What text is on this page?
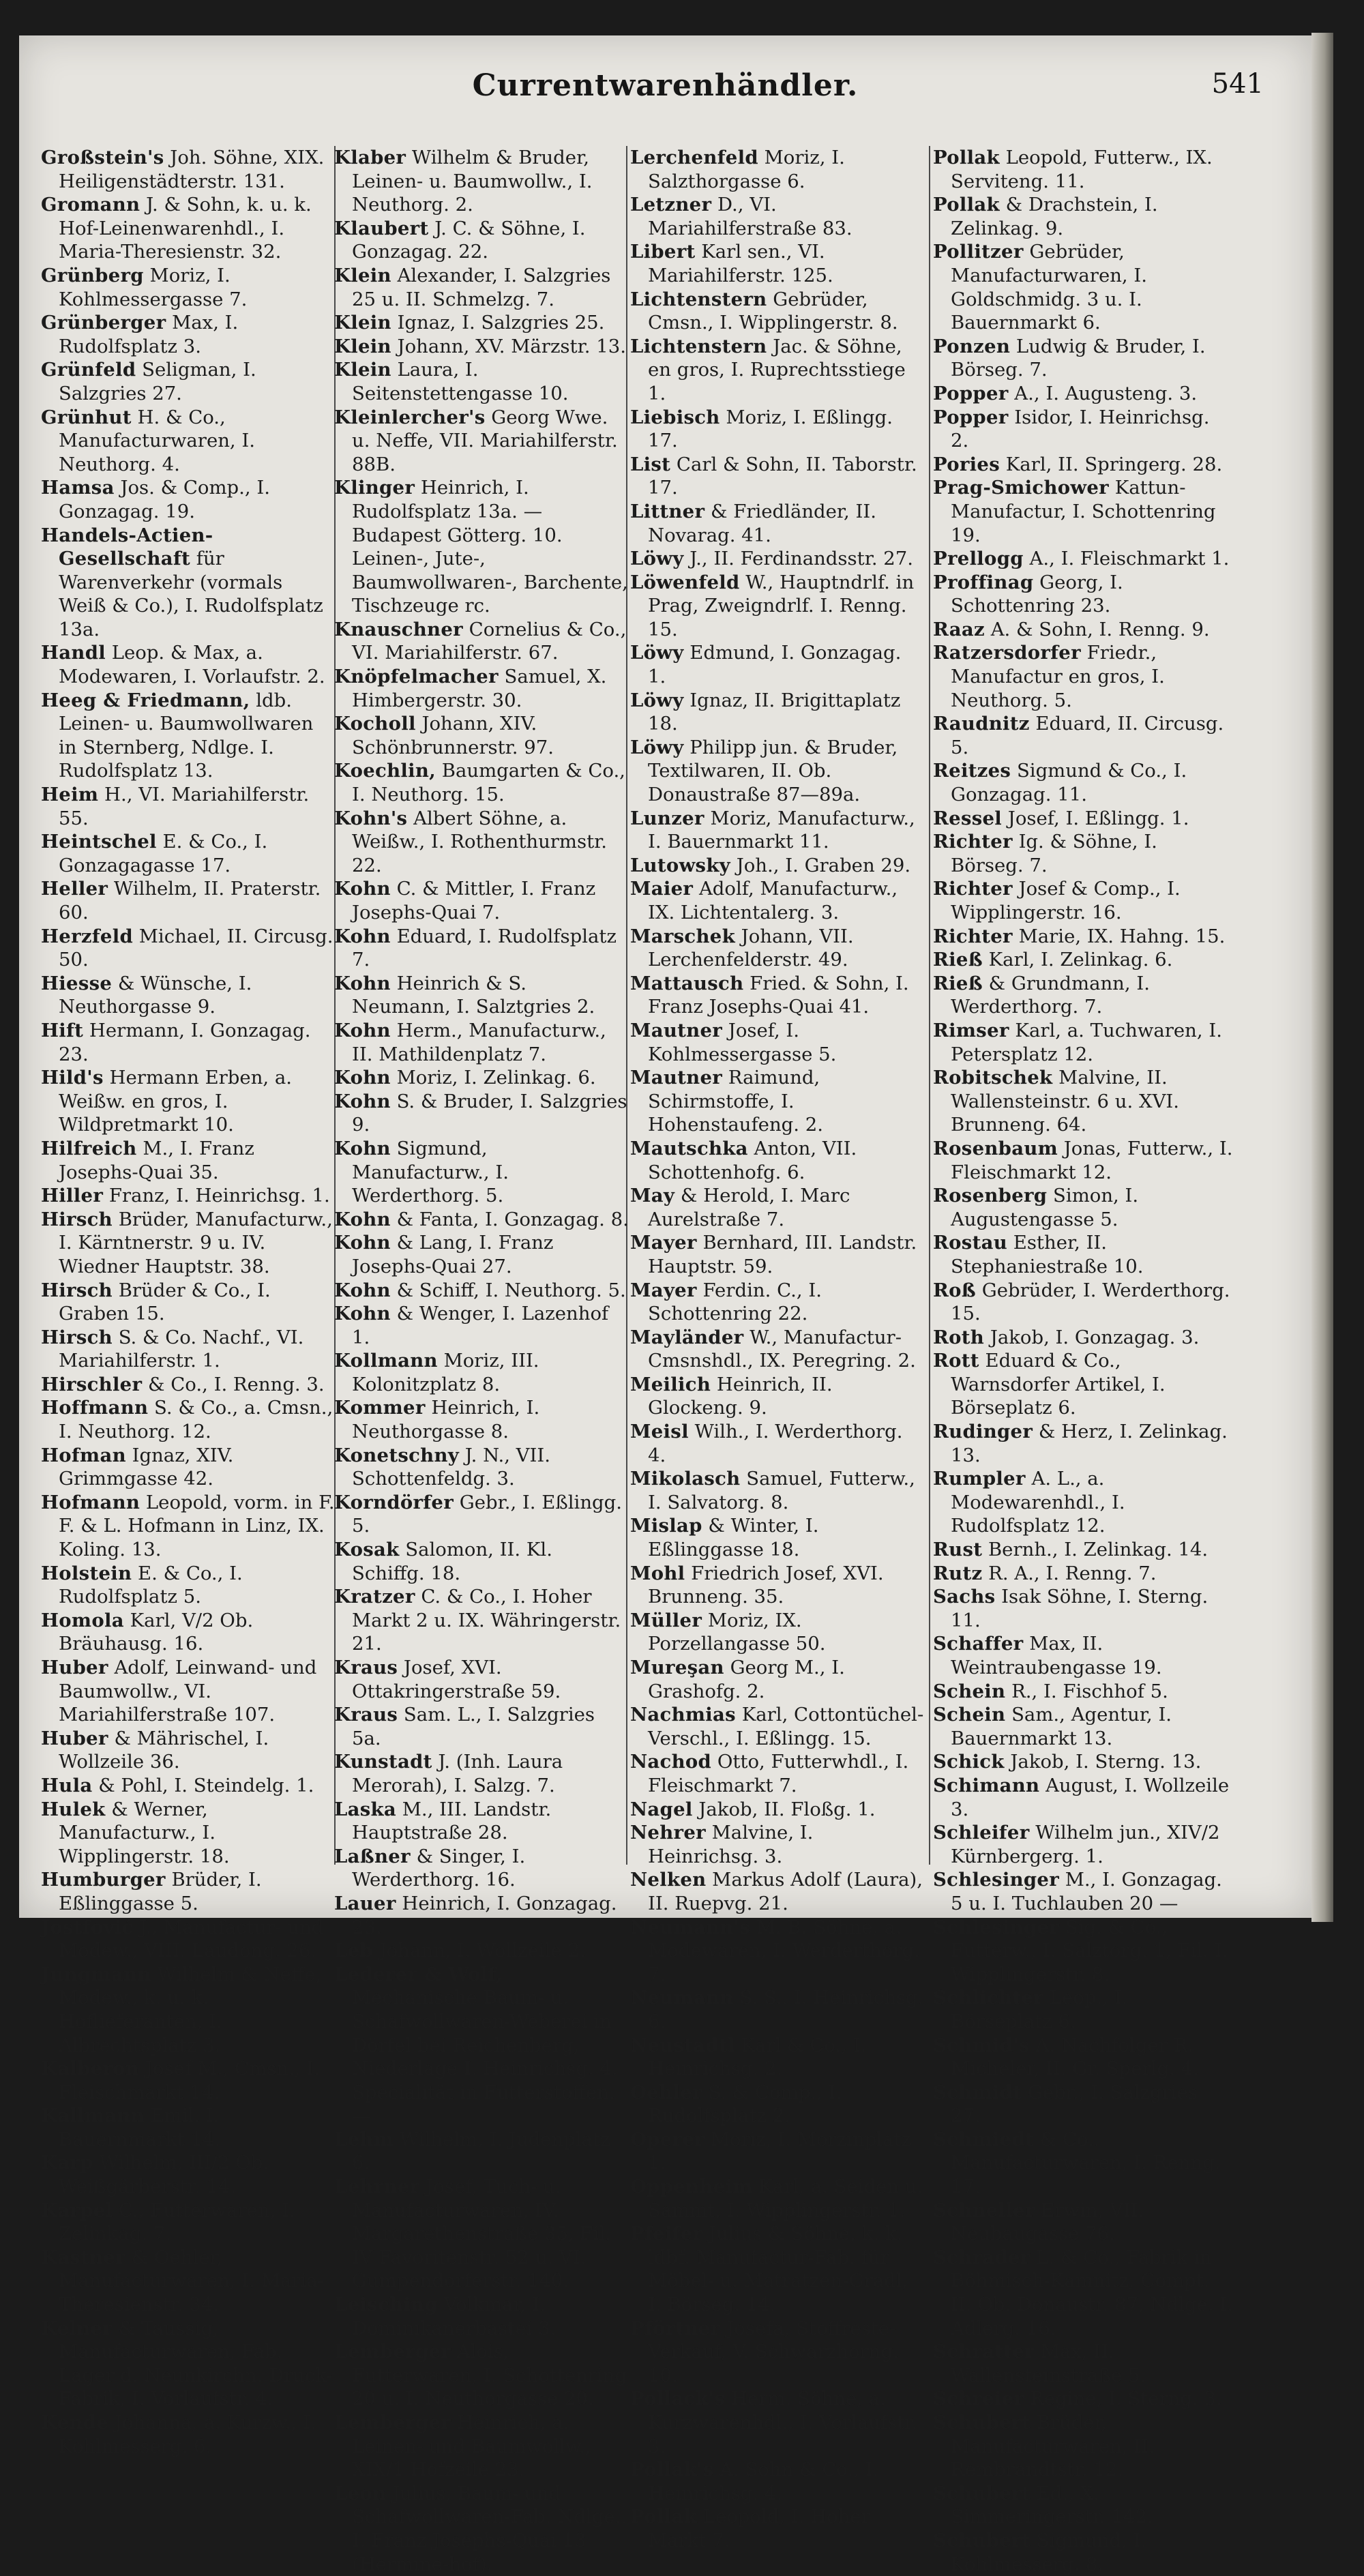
Currentwarenhändler.	541

Großstein's Joh. Söhne, XIX. Heiligenstädterstr. 131.

Gromann J. & Sohn, k. u. k. Hof-Leinenwarenhdl., I. Maria-Theresienstr. 32.

Grünberg Moriz, I. Kohlmessergasse 7.

Grünberger Max, I. Rudolfsplatz 3.

Grünfeld Seligman, I. Salzgries 27.

Grünhut H. & Co., Manufacturwaren, I. Neuthorg. 4.

Hamsa Jos. & Comp., I. Gonzagag. 19.

Handels-Actien-Gesellschaft für Warenverkehr (vormals Weiß & Co.), I. Rudolfsplatz 13a.

Handl Leop. & Max, a. Modewaren, I. Vorlaufstr. 2.

Heeg & Friedmann, ldb. Leinen- u. Baumwollwaren in Sternberg, Ndlge. I. Rudolfsplatz 13.

Heim H., VI. Mariahilferstr. 55.

Heintschel E. & Co., I. Gonzagagasse 17.

Heller Wilhelm, II. Praterstr. 60.

Herzfeld Michael, II. Circusg. 50.

Hiesse & Wünsche, I. Neuthorgasse 9.

Hift Hermann, I. Gonzagag. 23.

Hild's Hermann Erben, a. Weißw. en gros, I. Wildpretmarkt 10.

Hilfreich M., I. Franz Josephs-Quai 35.

Hiller Franz, I. Heinrichsg. 1.

Hirsch Brüder, Manufacturw., I. Kärntnerstr. 9 u. IV. Wiedner Hauptstr. 38.

Hirsch Brüder & Co., I. Graben 15.

Hirsch S. & Co. Nachf., VI. Mariahilferstr. 1.

Hirschler & Co., I. Renng. 3.

Hoffmann S. & Co., a. Cmsn., I. Neuthorg. 12.

Hofman Ignaz, XIV. Grimmgasse 42.

Hofmann Leopold, vorm. in F. F. & L. Hofmann in Linz, IX. Koling. 13.

Holstein E. & Co., I. Rudolfsplatz 5.

Homola Karl, V/2 Ob. Bräuhausg. 16.

Huber Adolf, Leinwand- und Baumwollw., VI. Mariahilferstraße 107.

Huber & Mährischel, I. Wollzeile 36.

Hula & Pohl, I. Steindelg. 1.

Hulek & Werner, Manufacturw., I. Wipplingerstr. 18.

Humburger Brüder, I. Eßlinggasse 5.

Jostfović J., Manufactur- und Modew., VIII. Laudong. 26.

Jungmann Wilhelm & Neffe, Modew., k. u. k. Hoflieferanten, I. Albrechtsplatz 3.

Kalberon Josef M., Cmsn., I. Fleischmarkt 14.

Kallmann Emil, I. Bauernmarkt 14.

Karp Wilhelm, III/2 Ob. Weißgärberstr. 14.

Karpel C., Futterwaren, I. Zelinkag. 7.

Kastner & Oehler, Manufacturwaren, I. Maria-Theresienstr. 34.

Kelner & Taussig, Manufacturwaren, Fab. Lager d. Neunkirchn. Druck-Fabrik, I. Vorlaufstr. 4.

Kende Johanna, a. Kurzw., I. Kohlmesserg. 6.

Klaber Wilhelm & Bruder, Leinen- u. Baumwollw., I. Neuthorg. 2.

Klaubert J. C. & Söhne, I. Gonzagag. 22.

Klein Alexander, I. Salzgries 25 u. II. Schmelzg. 7.

Klein Ignaz, I. Salzgries 25.

Klein Johann, XV. Märzstr. 13.

Klein Laura, I. Seitenstettengasse 10.

Kleinlercher's Georg Wwe. u. Neffe, VII. Mariahilferstr. 88B.

Klinger Heinrich, I. Rudolfsplatz 13a. —Budapest Götterg. 10. Leinen-, Jute-, Baumwollwaren-, Barchente, Tischzeuge rc.

Knauschner Cornelius & Co., VI. Mariahilferstr. 67.

Knöpfelmacher Samuel, X. Himbergerstr. 30.

Kocholl Johann, XIV. Schönbrunnerstr. 97.

Koechlin, Baumgarten & Co., I. Neuthorg. 15.

Kohn's Albert Söhne, a. Weißw., I. Rothenthurmstr. 22.

Kohn C. & Mittler, I. Franz Josephs-Quai 7.

Kohn Eduard, I. Rudolfsplatz 7.

Kohn Heinrich & S. Neumann, I. Salztgries 2.

Kohn Herm., Manufacturw., II. Mathildenplatz 7.

Kohn Moriz, I. Zelinkag. 6.

Kohn S. & Bruder, I. Salzgries 9.

Kohn Sigmund, Manufacturw., I. Werderthorg. 5.

Kohn & Fanta, I. Gonzagag. 8.

Kohn & Lang, I. Franz Josephs-Quai 27.

Kohn & Schiff, I. Neuthorg. 5.

Kohn & Wenger, I. Lazenhof 1.

Kollmann Moriz, III. Kolonitzplatz 8.

Kommer Heinrich, I. Neuthorgasse 8.

Konetschny J. N., VII. Schottenfeldg. 3.

Korndörfer Gebr., I. Eßlingg. 5.

Kosak Salomon, II. Kl. Schiffg. 18.

Kratzer C. & Co., I. Hoher Markt 2 u. IX. Währingerstr. 21.

Kraus Josef, XVI. Ottakringerstraße 59.

Kraus Sam. L., I. Salzgries 5a.

Kunstadt J. (Inh. Laura Merorah), I. Salzg. 7.

Laska M., III. Landstr. Hauptstraße 28.

Laßner & Singer, I. Werderthorg. 16.

Lauer Heinrich, I. Gonzagag. 23.

Leb Johann, I. Wollzeile 2.

Lederer & Wolf, Mechanische Baum- u. Schafwollwaren-Weberei in Dörfel bei Reichenberg, Niederlage I. Heinrichsg. 4. Specialität in Futterstoffen. —

Lehm Wilhelm, I. Judenplatz 6.

Lehrner Josef, Tuch- u. Manufacturwaren, IV. Margarethenstraße 35, Fil. IV Favoritenstr. 52 u. VI. Gumpendorferstr. 140.

Leisching Volkmar, I. Dominikanerbastei 3.

Lemberger Alois, Futterwaren, I. Schottenring 20 u. I. Neuthorgasse 20.

Lemberger Heinrich, a. Leinen- und Baumwollw., XIX/1 Hofzeile 23.

Leon Julius, Baum- und Schafwollwaren-Fab. Ndlge., I. Franz Josephs-Quai 13 (Hermine-hof).

Lerchenfeld Moriz, I. Salzthorgasse 6.

Letzner D., VI. Mariahilferstraße 83.

Libert Karl sen., VI. Mariahilferstr. 125.

Lichtenstern Gebrüder, Cmsn., I. Wipplingerstr. 8.

Lichtenstern Jac. & Söhne, en gros, I. Ruprechtsstiege 1.

Liebisch Moriz, I. Eßlingg. 17.

List Carl & Sohn, II. Taborstr. 17.

Littner & Friedländer, II. Novarag. 41.

Löwy J., II. Ferdinandsstr. 27.

Löwenfeld W., Hauptndrlf. in Prag, Zweigndrlf. I. Renng. 15.

Löwy Edmund, I. Gonzagag. 1.

Löwy Ignaz, II. Brigittaplatz 18.

Löwy Philipp jun. & Bruder, Textilwaren, II. Ob. Donaustraße 87—89a.

Lunzer Moriz, Manufacturw., I. Bauernmarkt 11.

Lutowsky Joh., I. Graben 29.

Maier Adolf, Manufacturw., IX. Lichtentalerg. 3.

Marschek Johann, VII. Lerchenfelderstr. 49.

Mattausch Fried. & Sohn, I. Franz Josephs-Quai 41.

Mautner Josef, I. Kohlmessergasse 5.

Mautner Raimund, Schirmstoffe, I. Hohenstaufeng. 2.

Mautschka Anton, VII. Schottenhofg. 6.

May & Herold, I. Marc Aurelstraße 7.

Mayer Bernhard, III. Landstr. Hauptstr. 59.

Mayer Ferdin. C., I. Schottenring 22.

Mayländer W., Manufactur-Cmsnshdl., IX. Peregring. 2.

Meilich Heinrich, II. Glockeng. 9.

Meisl Wilh., I. Werderthorg. 4.

Mikolasch Samuel, Futterw., I. Salvatorg. 8.

Mislap & Winter, I. Eßlinggasse 18.

Mohl Friedrich Josef, XVI. Brunneng. 35.

Müller Moriz, IX. Porzellangasse 50.

Mureşan Georg M., I. Grashofg. 2.

Nachmias Karl, Cottontüchel-Verschl., I. Eßlingg. 15.

Nachod Otto, Futterwhdl., I. Fleischmarkt 7.

Nagel Jakob, II. Floßg. 1.

Nehrer Malvine, I. Heinrichsg. 3.

Nelken Markus Adolf (Laura), II. Ruepvg. 21.

Neumann's M. B. Söhne, a. Modewaren, I. Werderthorg. 7.

Neumann S. S., I. Heinrichsg. 6.

Neustadtl Karl & Co., I. Heinrichsg. 2.

Oehler S. & Comp., I. Rudolfsplatz 2.

Operer Moriz, I. Morzinplatz 1.

Oppenheim Karl, a. Seiden u. Sammt, I. Wipplingerstr. 1.

Pfeifer Julius & Söhne, k. k. ldbf. Manufactur-Fab. für Möbel- u. Matratzen-Gradl, I. Börseg. 14.

Pförtner Josefa, Stoffreste-Verkauf, V. Schwarzhorng. 10.

Pollack's Herm. Söhne, a. Kurzwarenhdl., I. Vorlaufstr. 3.

Pollak's A. Sohn & Co., I. Heinrichsg. 4.

Pollak Leopold, I. Hoher Markt 7.

Pollak Leopold, Futterw., IX. Serviteng. 11.

Pollak & Drachstein, I. Zelinkag. 9.

Pollitzer Gebrüder, Manufacturwaren, I. Goldschmidg. 3 u. I. Bauernmarkt 6.

Ponzen Ludwig & Bruder, I. Börseg. 7.

Popper A., I. Augusteng. 3.

Popper Isidor, I. Heinrichsg. 2.

Pories Karl, II. Springerg. 28.

Prag-Smichower Kattun-Manufactur, I. Schottenring 19.

Prellogg A., I. Fleischmarkt 1.

Proffinag Georg, I. Schottenring 23.

Raaz A. & Sohn, I. Renng. 9.

Ratzersdorfer Friedr., Manufactur en gros, I. Neuthorg. 5.

Raudnitz Eduard, II. Circusg. 5.

Reitzes Sigmund & Co., I. Gonzagag. 11.

Ressel Josef, I. Eßlingg. 1.

Richter Ig. & Söhne, I. Börseg. 7.

Richter Josef & Comp., I. Wipplingerstr. 16.

Richter Marie, IX. Hahng. 15.

Rieß Karl, I. Zelinkag. 6.

Rieß & Grundmann, I. Werderthorg. 7.

Rimser Karl, a. Tuchwaren, I. Petersplatz 12.

Robitschek Malvine, II. Wallensteinstr. 6 u. XVI. Brunneng. 64.

Rosenbaum Jonas, Futterw., I. Fleischmarkt 12.

Rosenberg Simon, I. Augustengasse 5.

Rostau Esther, II. Stephaniestraße 10.

Roß Gebrüder, I. Werderthorg. 15.

Roth Jakob, I. Gonzagag. 3.

Rott Eduard & Co., Warnsdorfer Artikel, I. Börseplatz 6.

Rudinger & Herz, I. Zelinkag. 13.

Rumpler A. L., a. Modewarenhdl., I. Rudolfsplatz 12.

Rust Bernh., I. Zelinkag. 14.

Rutz R. A., I. Renng. 7.

Sachs Isak Söhne, I. Sterng. 11.

Schaffer Max, II. Weintraubengasse 19.

Schein R., I. Fischhof 5.

Schein Sam., Agentur, I. Bauernmarkt 13.

Schick Jakob, I. Sterng. 13.

Schimann August, I. Wollzeile 3.

Schleifer Wilhelm jun., XIV/2 Kürnbergerg. 1.

Schlesinger M., I. Gonzagag. 5 u. I. Tuchlauben 20 —

Schlesinger Sig. & Co., Futterw., I. Salztorg. 1, Fil. I. Wipplingerstr. 8.

Schlichter Leop., I. Börseplatz 6.

Schmid's A. Nachfolger R. Micheler, II. Gr. Sperlg. 4.

Schmidt Gebr., I. Salzgries 27.

Schmiedt & Co., Manufacturwaren, I. Renng. 17.

Schneller Erwin, VII. Neubaugasse 76.

Schrader L. & Co., Fabrik in Böhmisch-Kamnitz, Compt. II. Ob. Donaustr. 87, Ndlge. I. Adlerg. 16.

Schratter Max, II. Wallensteinstraße 5.

Schreier Regine, I. Sterng. 3.

Schubert Brüder, Manufacturwaren, II. Rembrandtstr. 12.

Schubert Ed., X. Simmeringerstr. 142.

Schubert Sigmund, I. Kohlmesserg. 8.
